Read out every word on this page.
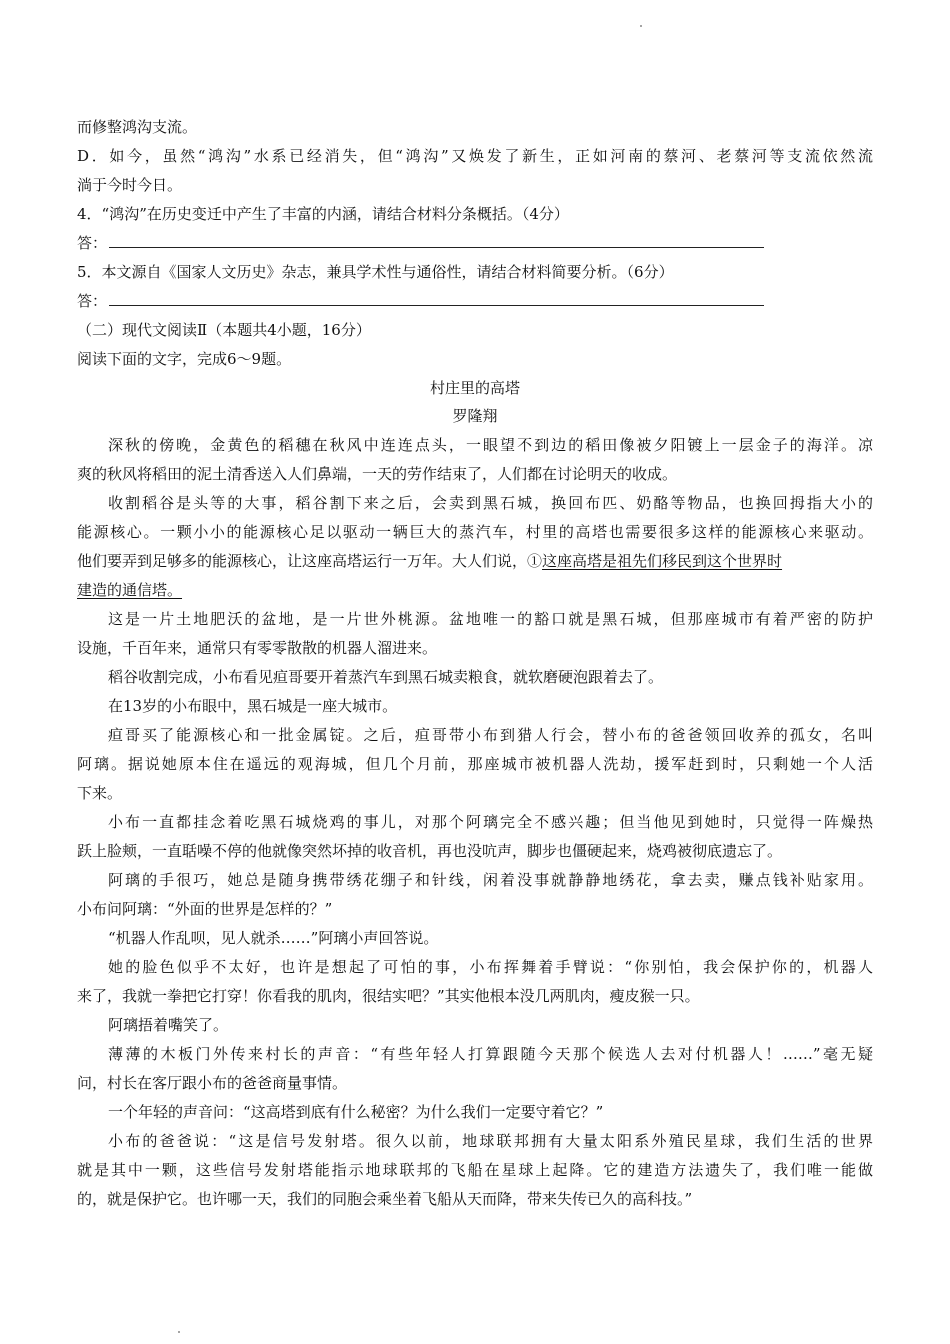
而修整鸿沟支流。
D．如今，虽然“鸿沟”水系已经消失，但“鸿沟”又焕发了新生，正如河南的蔡河、老蔡河等支流依然流
淌于今时今日。
4．“鸿沟”在历史变迁中产生了丰富的内涵，请结合材料分条概括。（4分）
答：
5．本文源自《国家人文历史》杂志，兼具学术性与通俗性，请结合材料简要分析。（6分）
答：
（二）现代文阅读Ⅱ（本题共4小题，16分）
阅读下面的文字，完成6～9题。
村庄里的高塔
罗隆翔
深秋的傍晚，金黄色的稻穗在秋风中连连点头，一眼望不到边的稻田像被夕阳镀上一层金子的海洋。凉
爽的秋风将稻田的泥土清香送入人们鼻端，一天的劳作结束了，人们都在讨论明天的收成。
收割稻谷是头等的大事，稻谷割下来之后，会卖到黑石城，换回布匹、奶酪等物品，也换回拇指大小的
能源核心。一颗小小的能源核心足以驱动一辆巨大的蒸汽车，村里的高塔也需要很多这样的能源核心来驱动。
他们要弄到足够多的能源核心，让这座高塔运行一万年。大人们说，①这座高塔是祖先们移民到这个世界时
建造的通信塔。
这是一片土地肥沃的盆地，是一片世外桃源。盆地唯一的豁口就是黑石城，但那座城市有着严密的防护
设施，千百年来，通常只有零零散散的机器人溜进来。
稻谷收割完成，小布看见疸哥要开着蒸汽车到黑石城卖粮食，就软磨硬泡跟着去了。
在13岁的小布眼中，黑石城是一座大城市。
疸哥买了能源核心和一批金属锭。之后，疸哥带小布到猎人行会，替小布的爸爸领回收养的孤女，名叫
阿璃。据说她原本住在遥远的观海城，但几个月前，那座城市被机器人洗劫，援军赶到时，只剩她一个人活
下来。
小布一直都挂念着吃黑石城烧鸡的事儿，对那个阿璃完全不感兴趣；但当他见到她时，只觉得一阵燥热
跃上脸颊，一直聒噪不停的他就像突然坏掉的收音机，再也没吭声，脚步也僵硬起来，烧鸡被彻底遗忘了。
阿璃的手很巧，她总是随身携带绣花绷子和针线，闲着没事就静静地绣花，拿去卖，赚点钱补贴家用。
小布问阿璃：“外面的世界是怎样的？”
“机器人作乱呗，见人就杀……”阿璃小声回答说。
她的脸色似乎不太好，也许是想起了可怕的事，小布挥舞着手臂说：“你别怕，我会保护你的，机器人
来了，我就一拳把它打穿！你看我的肌肉，很结实吧？”其实他根本没几两肌肉，瘦皮猴一只。
阿璃捂着嘴笑了。
薄薄的木板门外传来村长的声音：“有些年轻人打算跟随今天那个候选人去对付机器人！……”毫无疑
问，村长在客厅跟小布的爸爸商量事情。
一个年轻的声音问：“这高塔到底有什么秘密？为什么我们一定要守着它？”
小布的爸爸说：“这是信号发射塔。很久以前，地球联邦拥有大量太阳系外殖民星球，我们生活的世界
就是其中一颗，这些信号发射塔能指示地球联邦的飞船在星球上起降。它的建造方法遗失了，我们唯一能做
的，就是保护它。也许哪一天，我们的同胞会乘坐着飞船从天而降，带来失传已久的高科技。”
